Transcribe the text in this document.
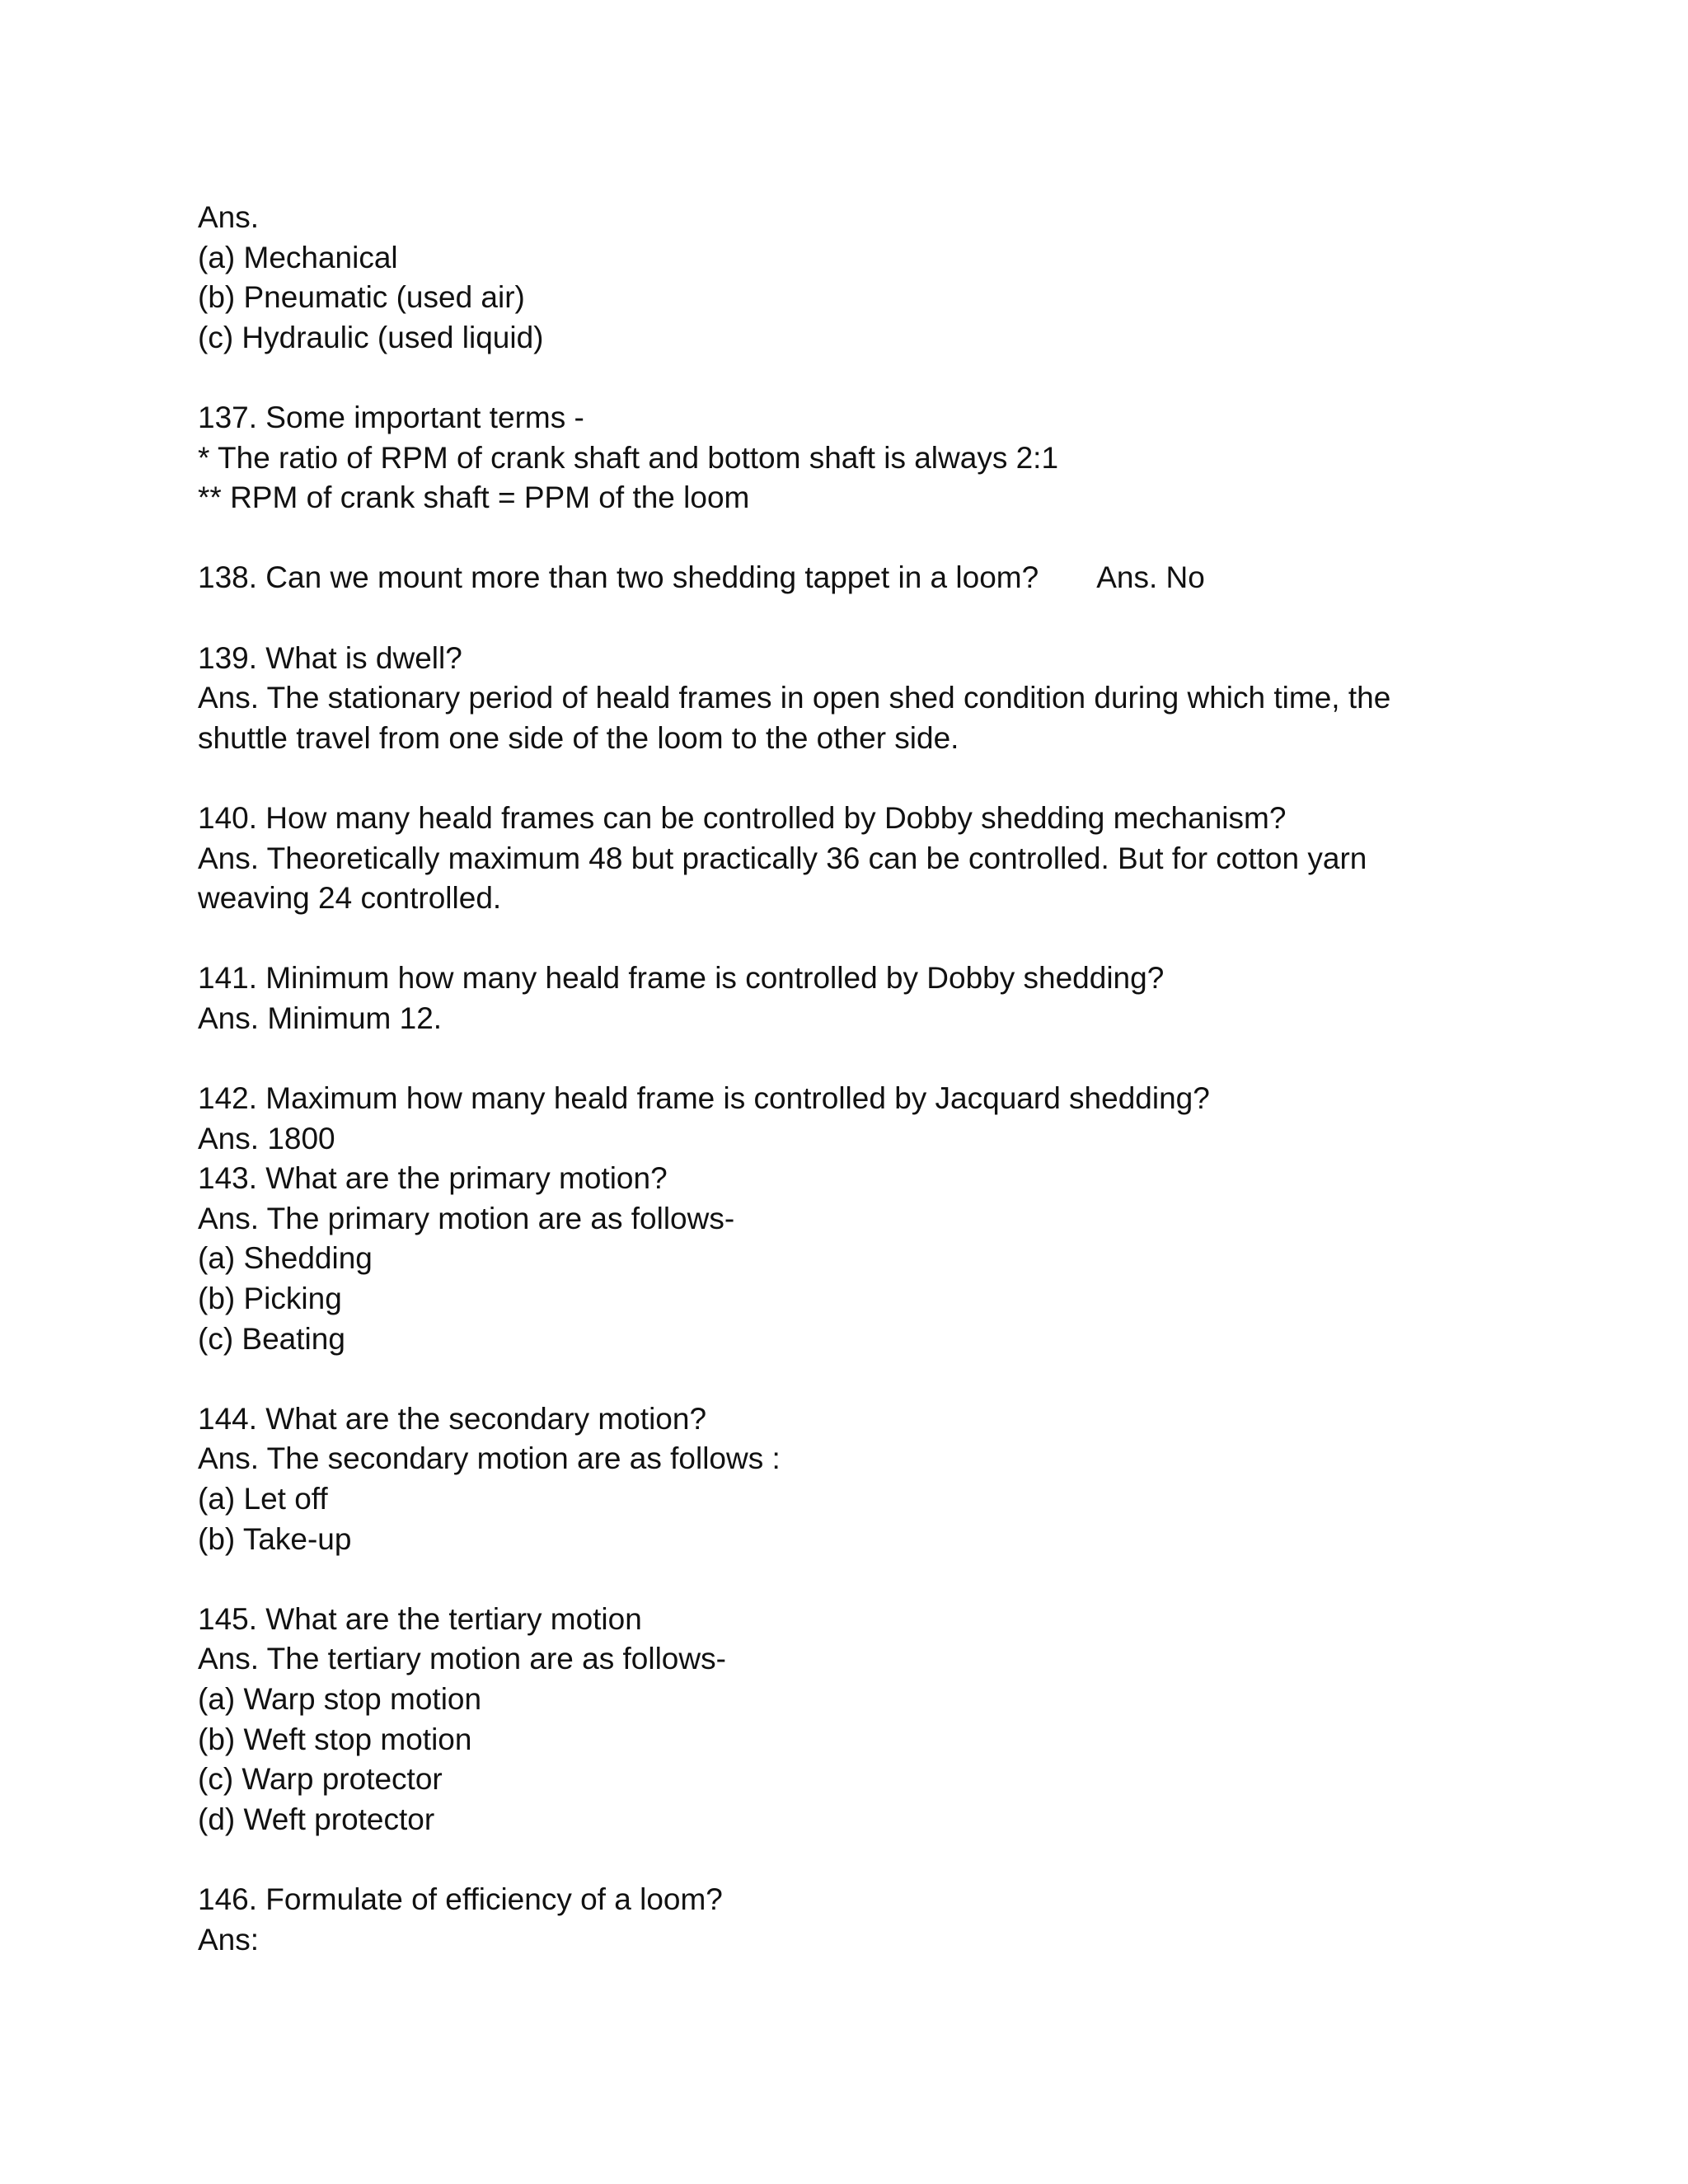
Ans.

(a) Mechanical

(b) Pneumatic (used air)

(c) Hydraulic (used liquid)

137. Some important terms -

* The ratio of RPM of crank shaft and bottom shaft is always 2:1

** RPM of crank shaft = PPM of the loom

138. Can we mount more than two shedding tappet in a loom? Ans. No

139. What is dwell?

Ans. The stationary period of heald frames in open shed condition during which time, the shuttle travel from one side of the loom to the other side.

140. How many heald frames can be controlled by Dobby shedding mechanism?

Ans. Theoretically maximum 48 but practically 36 can be controlled. But for cotton yarn weaving 24 controlled.

141. Minimum how many heald frame is controlled by Dobby shedding?

Ans. Minimum 12.

142. Maximum how many heald frame is controlled by Jacquard shedding?

Ans. 1800

143. What are the primary motion?

Ans. The primary motion are as follows-

(a) Shedding

(b) Picking

(c) Beating

144. What are the secondary motion?

Ans. The secondary motion are as follows :

(a) Let off

(b) Take-up

145. What are the tertiary motion

Ans. The tertiary motion are as follows-

(a) Warp stop motion

(b) Weft stop motion

(c) Warp protector

(d) Weft protector

146. Formulate of efficiency of a loom?

Ans:
